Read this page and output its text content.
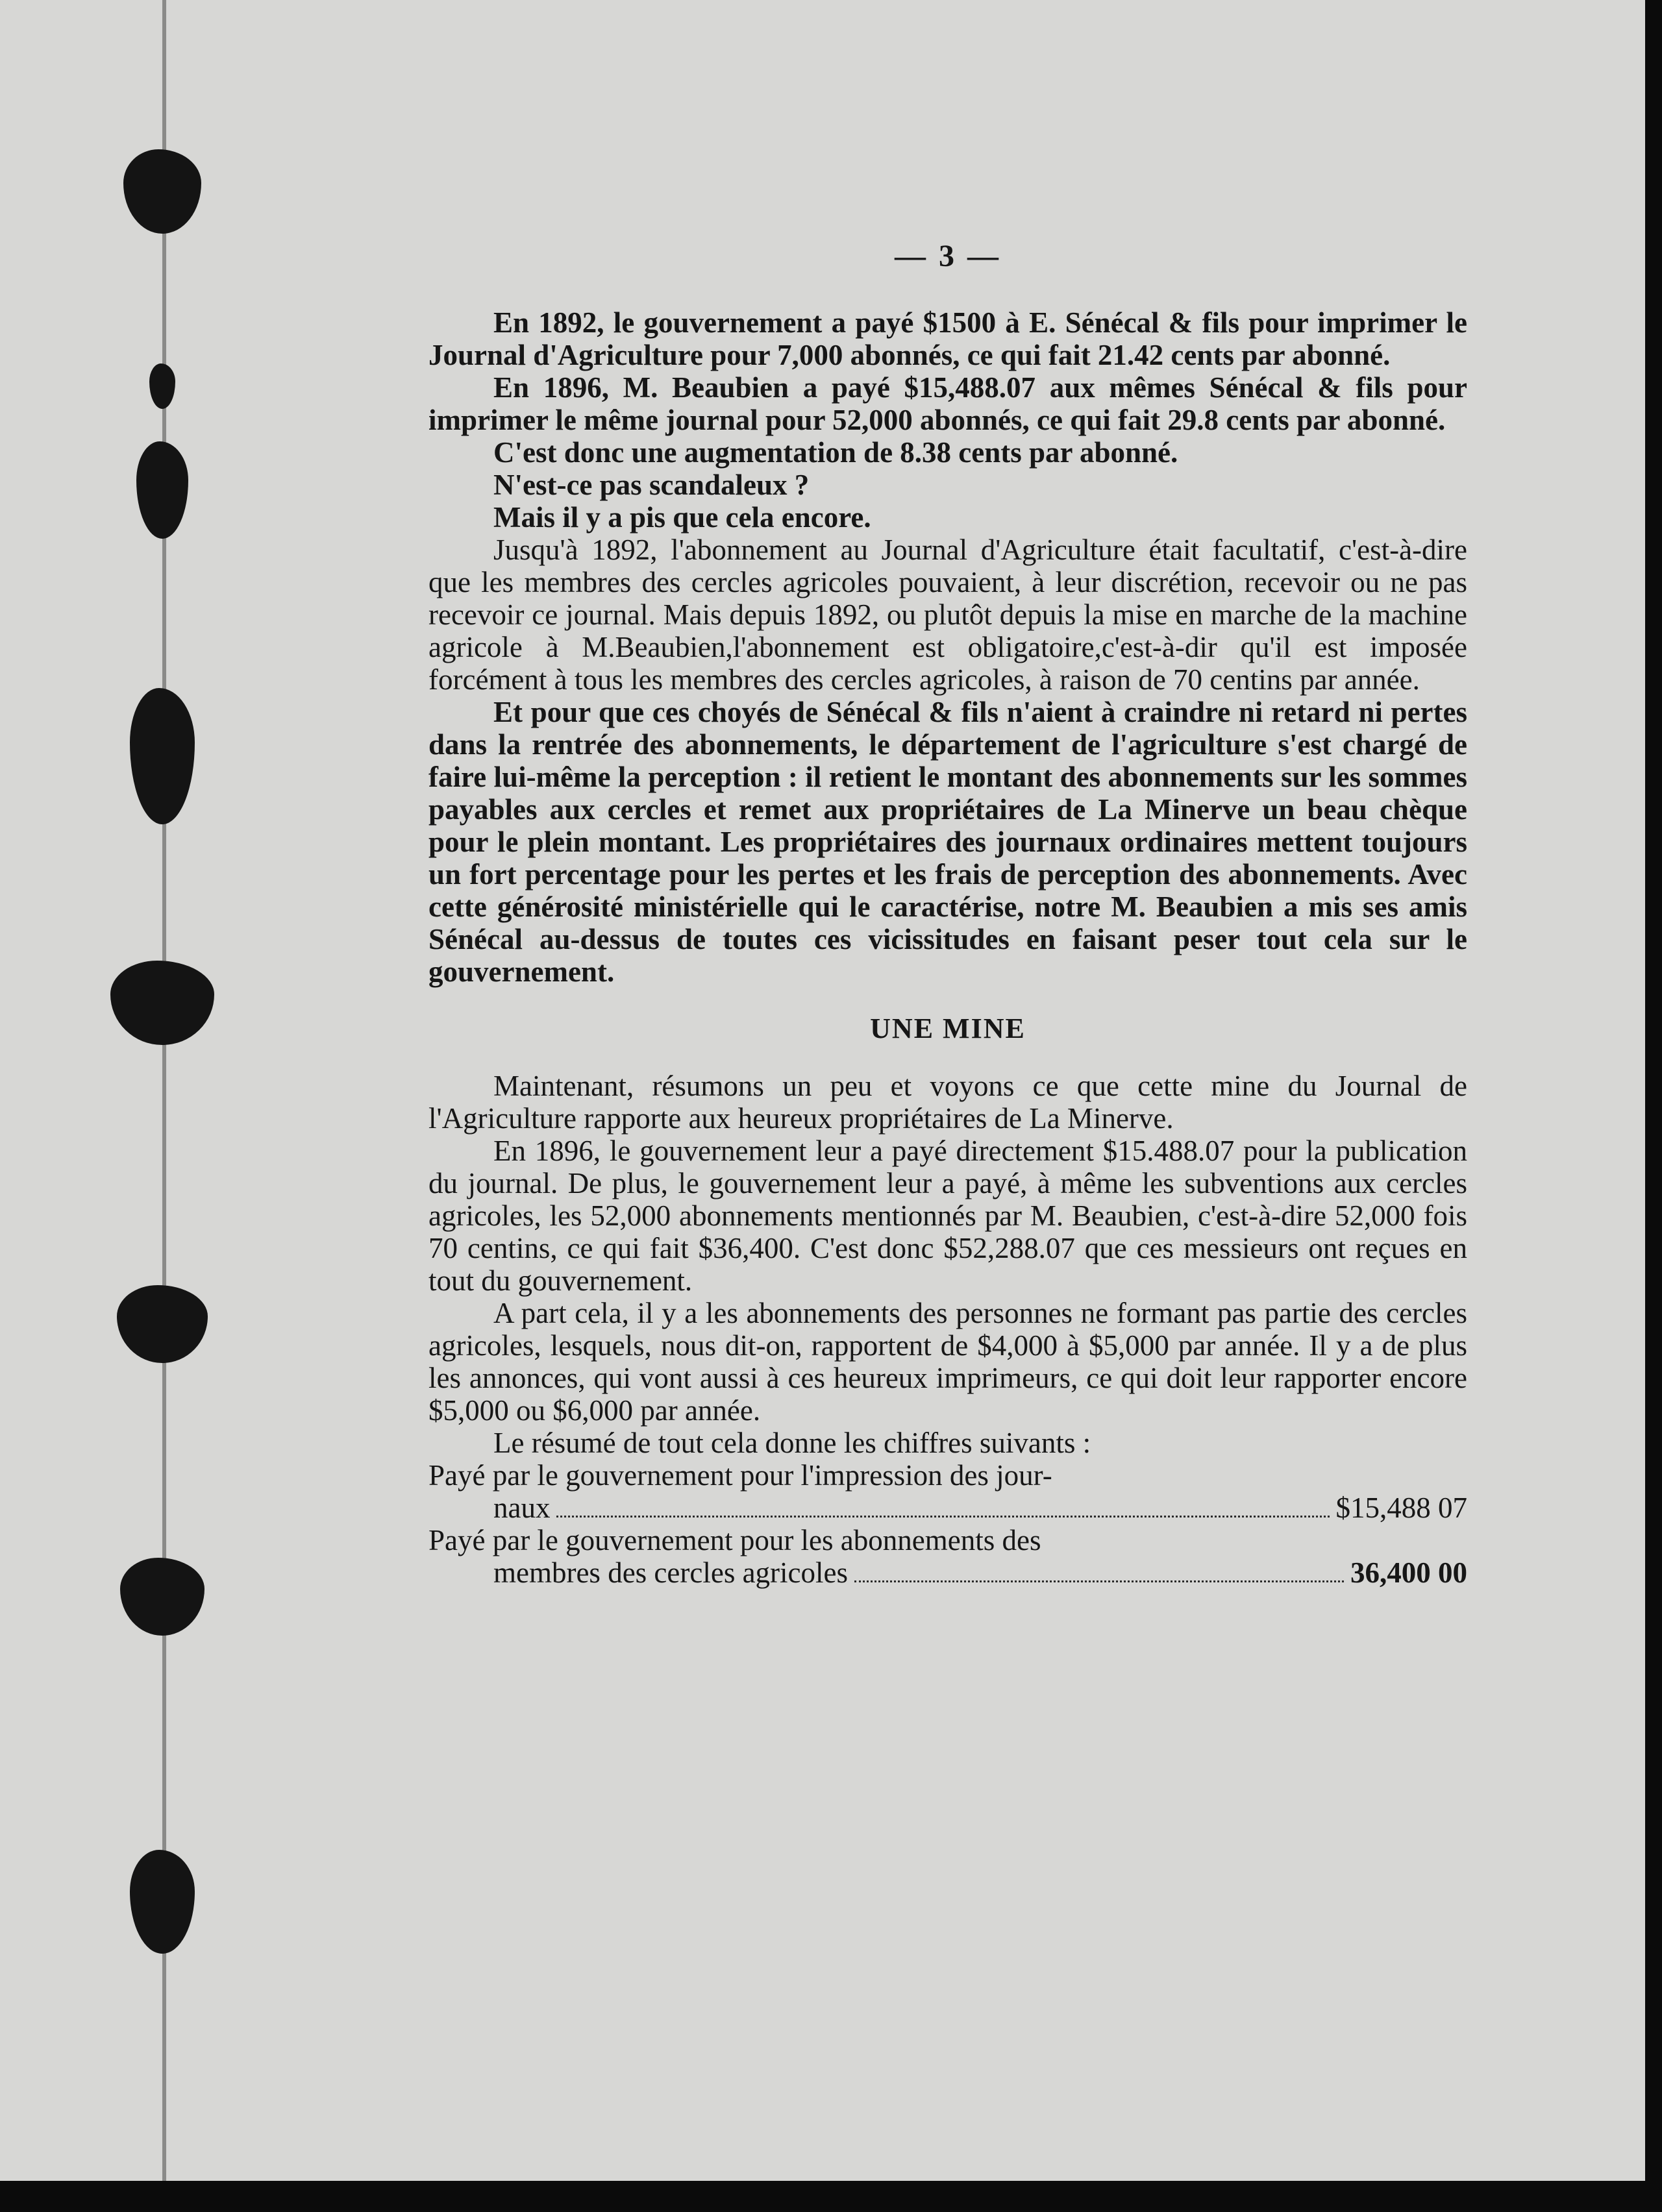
— 3 —

En 1892, le gouvernement a payé $1500 à E. Sénécal & fils pour imprimer le Journal d'Agriculture pour 7,000 abonnés, ce qui fait 21.42 cents par abonné.

En 1896, M. Beaubien a payé $15,488.07 aux mêmes Sénécal & fils pour imprimer le même journal pour 52,000 abonnés, ce qui fait 29.8 cents par abonné.

C'est donc une augmentation de 8.38 cents par abonné.

N'est-ce pas scandaleux ?

Mais il y a pis que cela encore.

Jusqu'à 1892, l'abonnement au Journal d'Agriculture était facultatif, c'est-à-dire que les membres des cercles agricoles pouvaient, à leur discrétion, recevoir ou ne pas recevoir ce journal. Mais depuis 1892, ou plutôt depuis la mise en marche de la machine agricole à M.Beaubien,l'abonnement est obligatoire,c'est-à-dir qu'il est imposée forcément à tous les membres des cercles agricoles, à raison de 70 centins par année.

Et pour que ces choyés de Sénécal & fils n'aient à craindre ni retard ni pertes dans la rentrée des abonnements, le département de l'agriculture s'est chargé de faire lui-même la perception : il retient le montant des abonnements sur les sommes payables aux cercles et remet aux propriétaires de La Minerve un beau chèque pour le plein montant. Les propriétaires des journaux ordinaires mettent toujours un fort percentage pour les pertes et les frais de perception des abonnements. Avec cette générosité ministérielle qui le caractérise, notre M. Beaubien a mis ses amis Sénécal au-dessus de toutes ces vicissitudes en faisant peser tout cela sur le gouvernement.

UNE MINE

Maintenant, résumons un peu et voyons ce que cette mine du Journal de l'Agriculture rapporte aux heureux propriétaires de La Minerve.

En 1896, le gouvernement leur a payé directement $15.488.07 pour la publication du journal. De plus, le gouvernement leur a payé, à même les subventions aux cercles agricoles, les 52,000 abonnements mentionnés par M. Beaubien, c'est-à-dire 52,000 fois 70 centins, ce qui fait $36,400. C'est donc $52,288.07 que ces messieurs ont reçues en tout du gouvernement.

A part cela, il y a les abonnements des personnes ne formant pas partie des cercles agricoles, lesquels, nous dit-on, rapportent de $4,000 à $5,000 par année. Il y a de plus les annonces, qui vont aussi à ces heureux imprimeurs, ce qui doit leur rapporter encore $5,000 ou $6,000 par année.

Le résumé de tout cela donne les chiffres suivants :

Payé par le gouvernement pour l'impression des jour-
naux	$15,488 07
Payé par le gouvernement pour les abonnements des
membres des cercles agricoles	36,400 00
